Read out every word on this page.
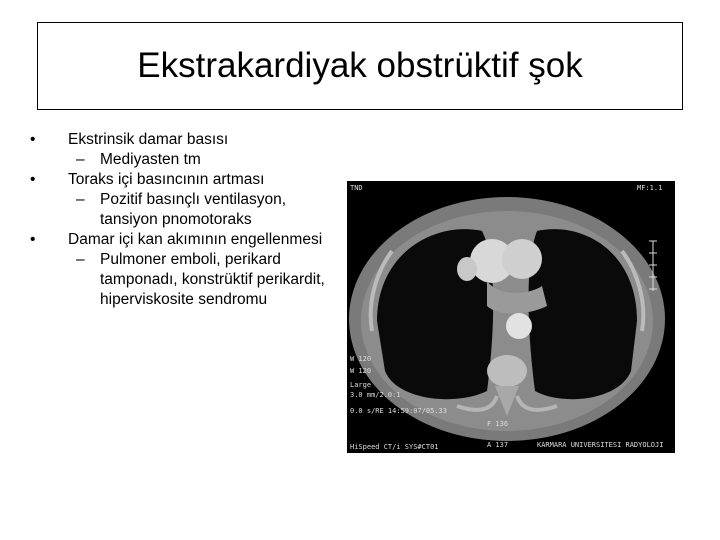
Ekstrakardiyak obstrüktif şok

• Ekstrinsik damar basısı

– Mediyasten tm

• Toraks içi basıncının artması

– Pozitif basınçlı ventilasyon, tansiyon pnomotoraks

• Damar içi kan akımının engellenmesi

– Pulmoner emboli, perikard tamponadı, konstrüktif perikardit, hiperviskosite sendromu

TND	MF:1.1
W 120
W 120
Large
3.0 mm/2.0:1
0.0 s/RE 14:59:07/05.33
F 136
HiSpeed CT/i SYS#CT01	A 137	KARMARA UNIVERSITESI RADYOLOJI
